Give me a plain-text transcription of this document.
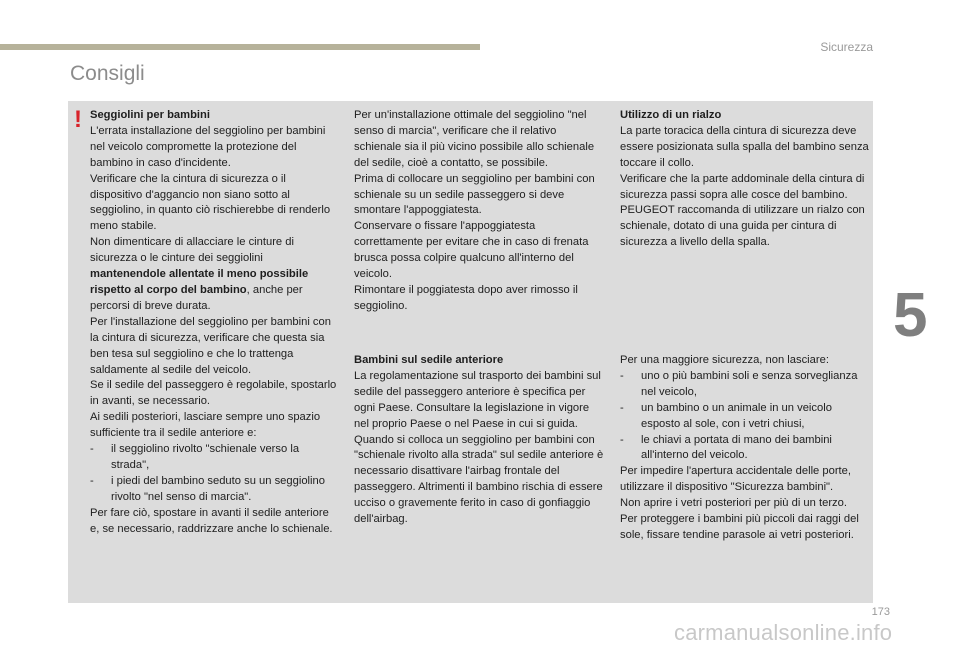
Sicurezza
Consigli
5
! Seggiolini per bambini

L'errata installazione del seggiolino per bambini nel veicolo compromette la protezione del bambino in caso d'incidente.

Verificare che la cintura di sicurezza o il dispositivo d'aggancio non siano sotto al seggiolino, in quanto ciò rischierebbe di renderlo meno stabile.

Non dimenticare di allacciare le cinture di sicurezza o le cinture dei seggiolini mantenendole allentate il meno possibile rispetto al corpo del bambino, anche per percorsi di breve durata.

Per l'installazione del seggiolino per bambini con la cintura di sicurezza, verificare che questa sia ben tesa sul seggiolino e che lo trattenga saldamente al sedile del veicolo.

Se il sedile del passeggero è regolabile, spostarlo in avanti, se necessario.

Ai sedili posteriori, lasciare sempre uno spazio sufficiente tra il sedile anteriore e:

- il seggiolino rivolto "schienale verso la strada",
- i piedi del bambino seduto su un seggiolino rivolto "nel senso di marcia".

Per fare ciò, spostare in avanti il sedile anteriore e, se necessario, raddrizzare anche lo schienale.

Per un'installazione ottimale del seggiolino "nel senso di marcia", verificare che il relativo schienale sia il più vicino possibile allo schienale del sedile, cioè a contatto, se possibile.

Prima di collocare un seggiolino per bambini con schienale su un sedile passeggero si deve smontare l'appoggiatesta.

Conservare o fissare l'appoggiatesta correttamente per evitare che in caso di frenata brusca possa colpire qualcuno all'interno del veicolo.

Rimontare il poggiatesta dopo aver rimosso il seggiolino.

Bambini sul sedile anteriore

La regolamentazione sul trasporto dei bambini sul sedile del passeggero anteriore è specifica per ogni Paese. Consultare la legislazione in vigore nel proprio Paese o nel Paese in cui si guida.

Quando si colloca un seggiolino per bambini con "schienale rivolto alla strada" sul sedile anteriore è necessario disattivare l'airbag frontale del passeggero. Altrimenti il bambino rischia di essere ucciso o gravemente ferito in caso di gonfiaggio dell'airbag.

Utilizzo di un rialzo

La parte toracica della cintura di sicurezza deve essere posizionata sulla spalla del bambino senza toccare il collo.

Verificare che la parte addominale della cintura di sicurezza passi sopra alle cosce del bambino.

PEUGEOT raccomanda di utilizzare un rialzo con schienale, dotato di una guida per cintura di sicurezza a livello della spalla.

Per una maggiore sicurezza, non lasciare:

- uno o più bambini soli e senza sorveglianza nel veicolo,
- un bambino o un animale in un veicolo esposto al sole, con i vetri chiusi,
- le chiavi a portata di mano dei bambini all'interno del veicolo.

Per impedire l'apertura accidentale delle porte, utilizzare il dispositivo "Sicurezza bambini".

Non aprire i vetri posteriori per più di un terzo.

Per proteggere i bambini più piccoli dai raggi del sole, fissare tendine parasole ai vetri posteriori.

173
carmanualsonline.info
